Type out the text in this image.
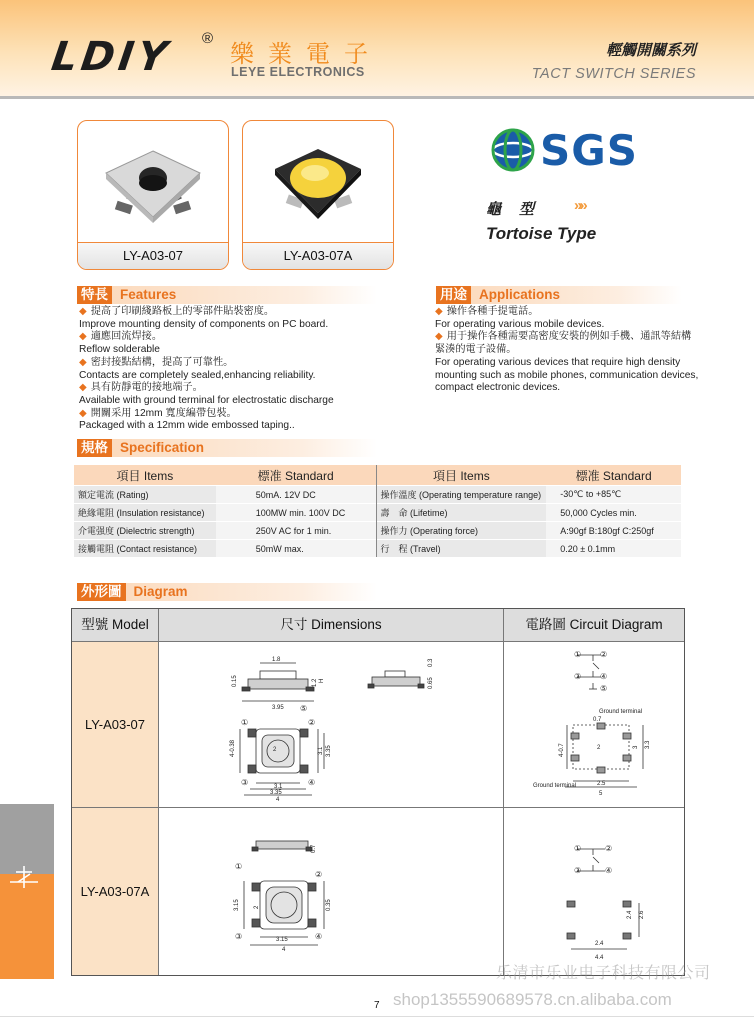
LDIY ®
樂業電子
LEYE ELECTRONICS
輕觸開關系列
TACT SWITCH SERIES
LY-A03-07	LY-A03-07A
SGS
龜型 »»
Tortoise Type
特長 Features
◆ 提高了印刷綫路板上的零部件貼裝密度。
Improve mounting density of components on PC board.
◆ 適應回流焊接。
Reflow solderable
◆ 密封接點結構，提高了可靠性。
Contacts are completely sealed,enhancing reliability.
◆ 具有防靜電的接地端子。
Available with ground terminal for electrostatic discharge
◆ 開關采用 12mm 寬度編帶包裝。
Packaged with a 12mm wide embossed taping..
用途 Applications
◆ 操作各種手提電話。
For operating various mobile devices.
◆ 用于操作各種需要高密度安裝的例如手機、通訊等結構
緊湊的電子設備。
For operating various devices that require high density
mounting such as mobile phones, communication devices,
compact electronic devices.
規格 Specification
項目 Items	標准 Standard	項目 Items	標准 Standard
額定電流 (Rating)	50mA. 12V DC	操作溫度 (Operating temperature range)	-30℃ to +85℃
絶緣電阻 (Insulation resistance)	100MW min. 100V DC	壽　命 (Lifetime)	50,000 Cycles min.
介電强度 (Dielectric strength)	250V AC for 1 min.	操作力 (Operating force)	A:90gf B:180gf C:250gf
接觸電阻 (Contact resistance)	50mW max.	行　程 (Travel)	0.20 ± 0.1mm
外形圖 Diagram
型號 Model	尺寸 Dimensions	電路圖 Circuit Diagram
LY-A03-07
LY-A03-07A
1.8
0.15	1.2 H
3.95
0.3
0.65
⑤
①	②
③	④
4-0.38	2	3.1 3.35
3.1
3.35
4
① ②
③ ④
⑤
Ground terminal
0.7
4-0.7	3 3.3
2
Ground terminal	2.5
5
0.7
①
②
③	④
3.15 2	0.35
3.15
4
①	②
③	④
2.4 2.6
2.4
4.4
乐清市乐业电子科技有限公司
shop1355590689578.cn.alibaba.com
7
